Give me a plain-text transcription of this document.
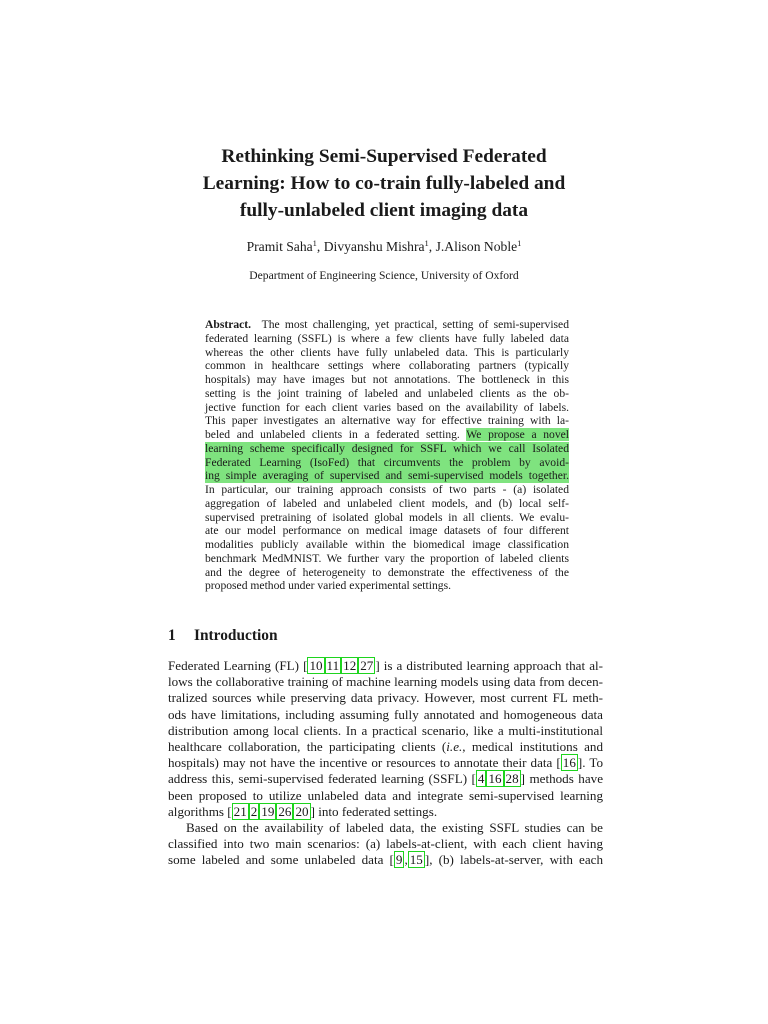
Rethinking Semi-Supervised Federated
Learning: How to co-train fully-labeled and
fully-unlabeled client imaging data
Pramit Saha$^1$, Divyanshu Mishra$^1$, J.Alison Noble$^1$
Department of Engineering Science, University of Oxford
Abstract. The most challenging, yet practical, setting of semi-supervised
federated learning (SSFL) is where a few clients have fully labeled data
whereas the other clients have fully unlabeled data. This is particularly
common in healthcare settings where collaborating partners (typically
hospitals) may have images but not annotations. The bottleneck in this
setting is the joint training of labeled and unlabeled clients as the ob-
jective function for each client varies based on the availability of labels.
This paper investigates an alternative way for effective training with la-
beled and unlabeled clients in a federated setting. We propose a novel
learning scheme specifically designed for SSFL which we call Isolated
Federated Learning (IsoFed) that circumvents the problem by avoid-
ing simple averaging of supervised and semi-supervised models together.
In particular, our training approach consists of two parts - (a) isolated
aggregation of labeled and unlabeled client models, and (b) local self-
supervised pretraining of isolated global models in all clients. We evalu-
ate our model performance on medical image datasets of four different
modalities publicly available within the biomedical image classification
benchmark MedMNIST. We further vary the proportion of labeled clients
and the degree of heterogeneity to demonstrate the effectiveness of the
proposed method under varied experimental settings.
1 Introduction
Federated Learning (FL) [ 10 11 12 27 ] is a distributed learning approach that al-
lows the collaborative training of machine learning models using data from decen-
tralized sources while preserving data privacy. However, most current FL meth-
ods have limitations, including assuming fully annotated and homogeneous data
distribution among local clients. In a practical scenario, like a multi-institutional
healthcare collaboration, the participating clients (i.e., medical institutions and
hospitals) may not have the incentive or resources to annotate their data [ 16 ]. To
address this, semi-supervised federated learning (SSFL) [ 4 16 28 ] methods have
been proposed to utilize unlabeled data and integrate semi-supervised learning
algorithms [ 21 2 19 26 20 ] into federated settings.
Based on the availability of labeled data, the existing SSFL studies can be
classified into two main scenarios: (a) labels-at-client, with each client having
some labeled and some unlabeled data [ 9 , 15 ], (b) labels-at-server, with each
